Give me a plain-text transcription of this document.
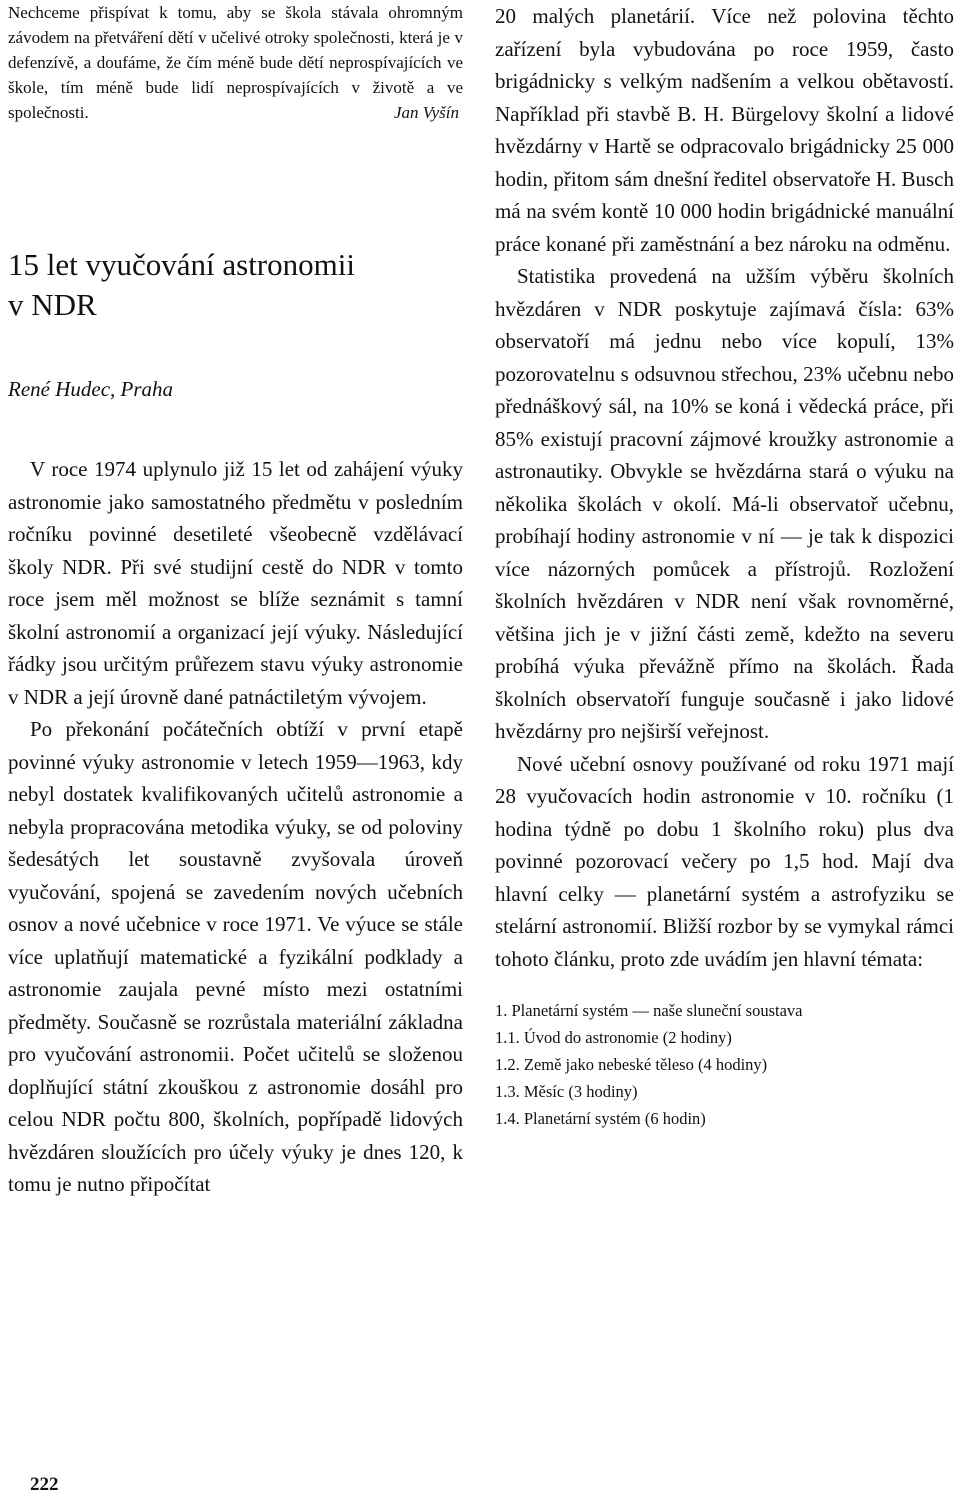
Nechceme přispívat k tomu, aby se škola stávala ohromným závodem na přetváření dětí v učelivé otroky společnosti, která je v defenzívě, a doufáme, že čím méně bude dětí neprospívajících ve škole, tím méně bude lidí neprospívajících v životě a ve společnosti.	Jan Vyšín
15 let vyučování astronomii
v NDR
René Hudec, Praha

V roce 1974 uplynulo již 15 let od zahájení výuky astronomie jako samostatného předmětu v posledním ročníku povinné desetileté všeobecně vzdělávací školy NDR. Při své studijní cestě do NDR v tomto roce jsem měl možnost se blíže seznámit s tamní školní astronomií a organizací její výuky. Následující řádky jsou určitým průřezem stavu výuky astronomie v NDR a její úrovně dané patnáctiletým vývojem.

Po překonání počátečních obtíží v první etapě povinné výuky astronomie v letech 1959—1963, kdy nebyl dostatek kvalifikovaných učitelů astronomie a nebyla propracována metodika výuky, se od poloviny šedesátých let soustavně zvyšovala úroveň vyučování, spojená se zavedením nových učebních osnov a nové učebnice v roce 1971. Ve výuce se stále více uplatňují matematické a fyzikální podklady a astronomie zaujala pevné místo mezi ostatními předměty. Současně se rozrůstala materiální základna pro vyučování astronomii. Počet učitelů se složenou doplňující státní zkouškou z astronomie dosáhl pro celou NDR počtu 800, školních, popřípadě lidových hvězdáren sloužících pro účely výuky je dnes 120, k tomu je nutno připočítat

20 malých planetárií. Více než polovina těchto zařízení byla vybudována po roce 1959, často brigádnicky s velkým nadšením a velkou obětavostí. Například při stavbě B. H. Bürgelovy školní a lidové hvězdárny v Hartě se odpracovalo brigádnicky 25 000 hodin, přitom sám dnešní ředitel observatoře H. Busch má na svém kontě 10 000 hodin brigádnické manuální práce konané při zaměstnání a bez nároku na odměnu.

Statistika provedená na užším výběru školních hvězdáren v NDR poskytuje zajímavá čísla: 63% observatoří má jednu nebo více kopulí, 13% pozorovatelnu s odsuvnou střechou, 23% učebnu nebo přednáškový sál, na 10% se koná i vědecká práce, při 85% existují pracovní zájmové kroužky astronomie a astronautiky. Obvykle se hvězdárna stará o výuku na několika školách v okolí. Má-li observatoř učebnu, probíhají hodiny astronomie v ní — je tak k dispozici více názorných pomůcek a přístrojů. Rozložení školních hvězdáren v NDR není však rovnoměrné, většina jich je v jižní části země, kdežto na severu probíhá výuka převážně přímo na školách. Řada školních observatoří funguje současně i jako lidové hvězdárny pro nejširší veřejnost.

Nové učební osnovy používané od roku 1971 mají 28 vyučovacích hodin astronomie v 10. ročníku (1 hodina týdně po dobu 1 školního roku) plus dva povinné pozorovací večery po 1,5 hod. Mají dva hlavní celky — planetární systém a astrofyziku se stelární astronomií. Bližší rozbor by se vymykal rámci tohoto článku, proto zde uvádím jen hlavní témata:

1. Planetární systém — naše sluneční soustava
1.1. Úvod do astronomie (2 hodiny)
1.2. Země jako nebeské těleso (4 hodiny)
1.3. Měsíc (3 hodiny)
1.4. Planetární systém (6 hodin)
222
